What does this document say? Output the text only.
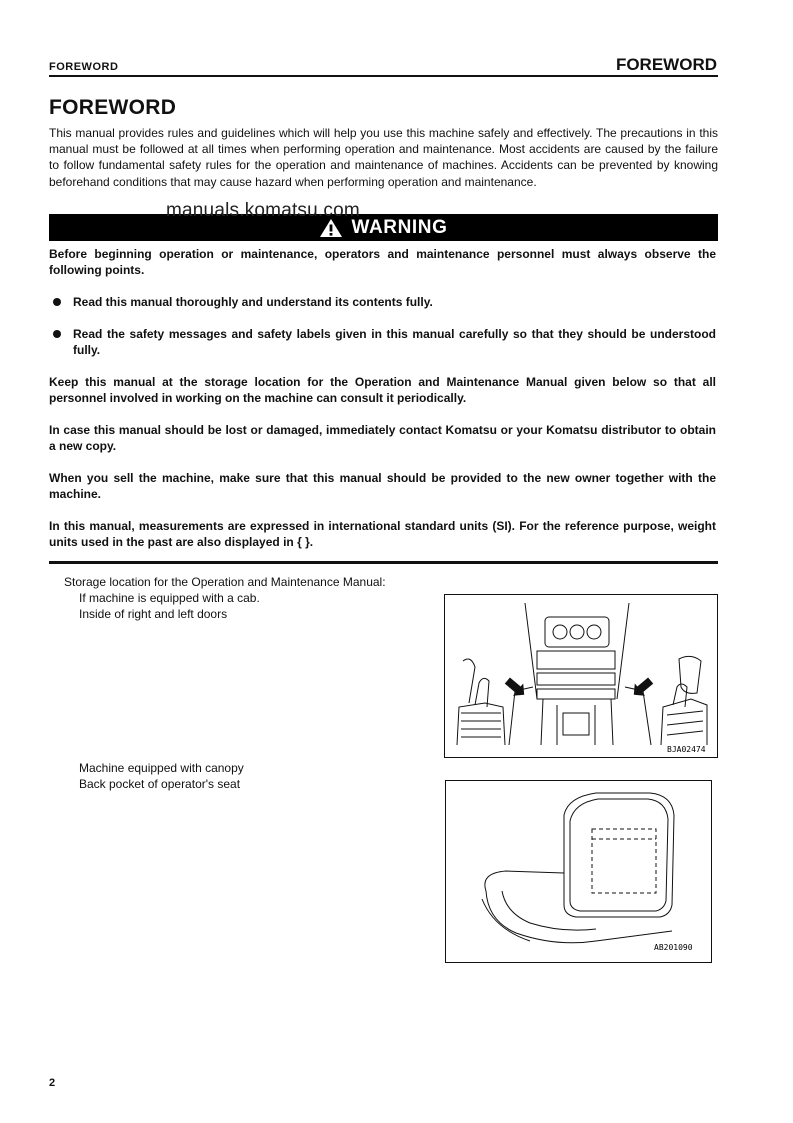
FOREWORD	FOREWORD
FOREWORD
This manual provides rules and guidelines which will help you use this machine safely and effectively. The precautions in this manual must be followed at all times when performing operation and maintenance. Most accidents are caused by the failure to follow fundamental safety rules for the operation and maintenance of machines. Accidents can be prevented by knowing beforehand conditions that may cause hazard when performing operation and maintenance.
WARNING
manuals.komatsu.com
Before beginning operation or maintenance, operators and maintenance personnel must always observe the following points.
Read this manual thoroughly and understand its contents fully.
Read the safety messages and safety labels given in this manual carefully so that they should be understood fully.
Keep this manual at the storage location for the Operation and Maintenance Manual given below so that all personnel involved in working on the machine can consult it periodically.
In case this manual should be lost or damaged, immediately contact Komatsu or your Komatsu distributor to obtain a new copy.
When you sell the machine, make sure that this manual should be provided to the new owner together with the machine.
In this manual, measurements are expressed in international standard units (SI). For the reference purpose, weight units used in the past are also displayed in { }.
Storage location for the Operation and Maintenance Manual:
If machine is equipped with a cab.
Inside of right and left doors
Machine equipped with canopy
Back pocket of operator's seat
BJA02474
AB201090
2
